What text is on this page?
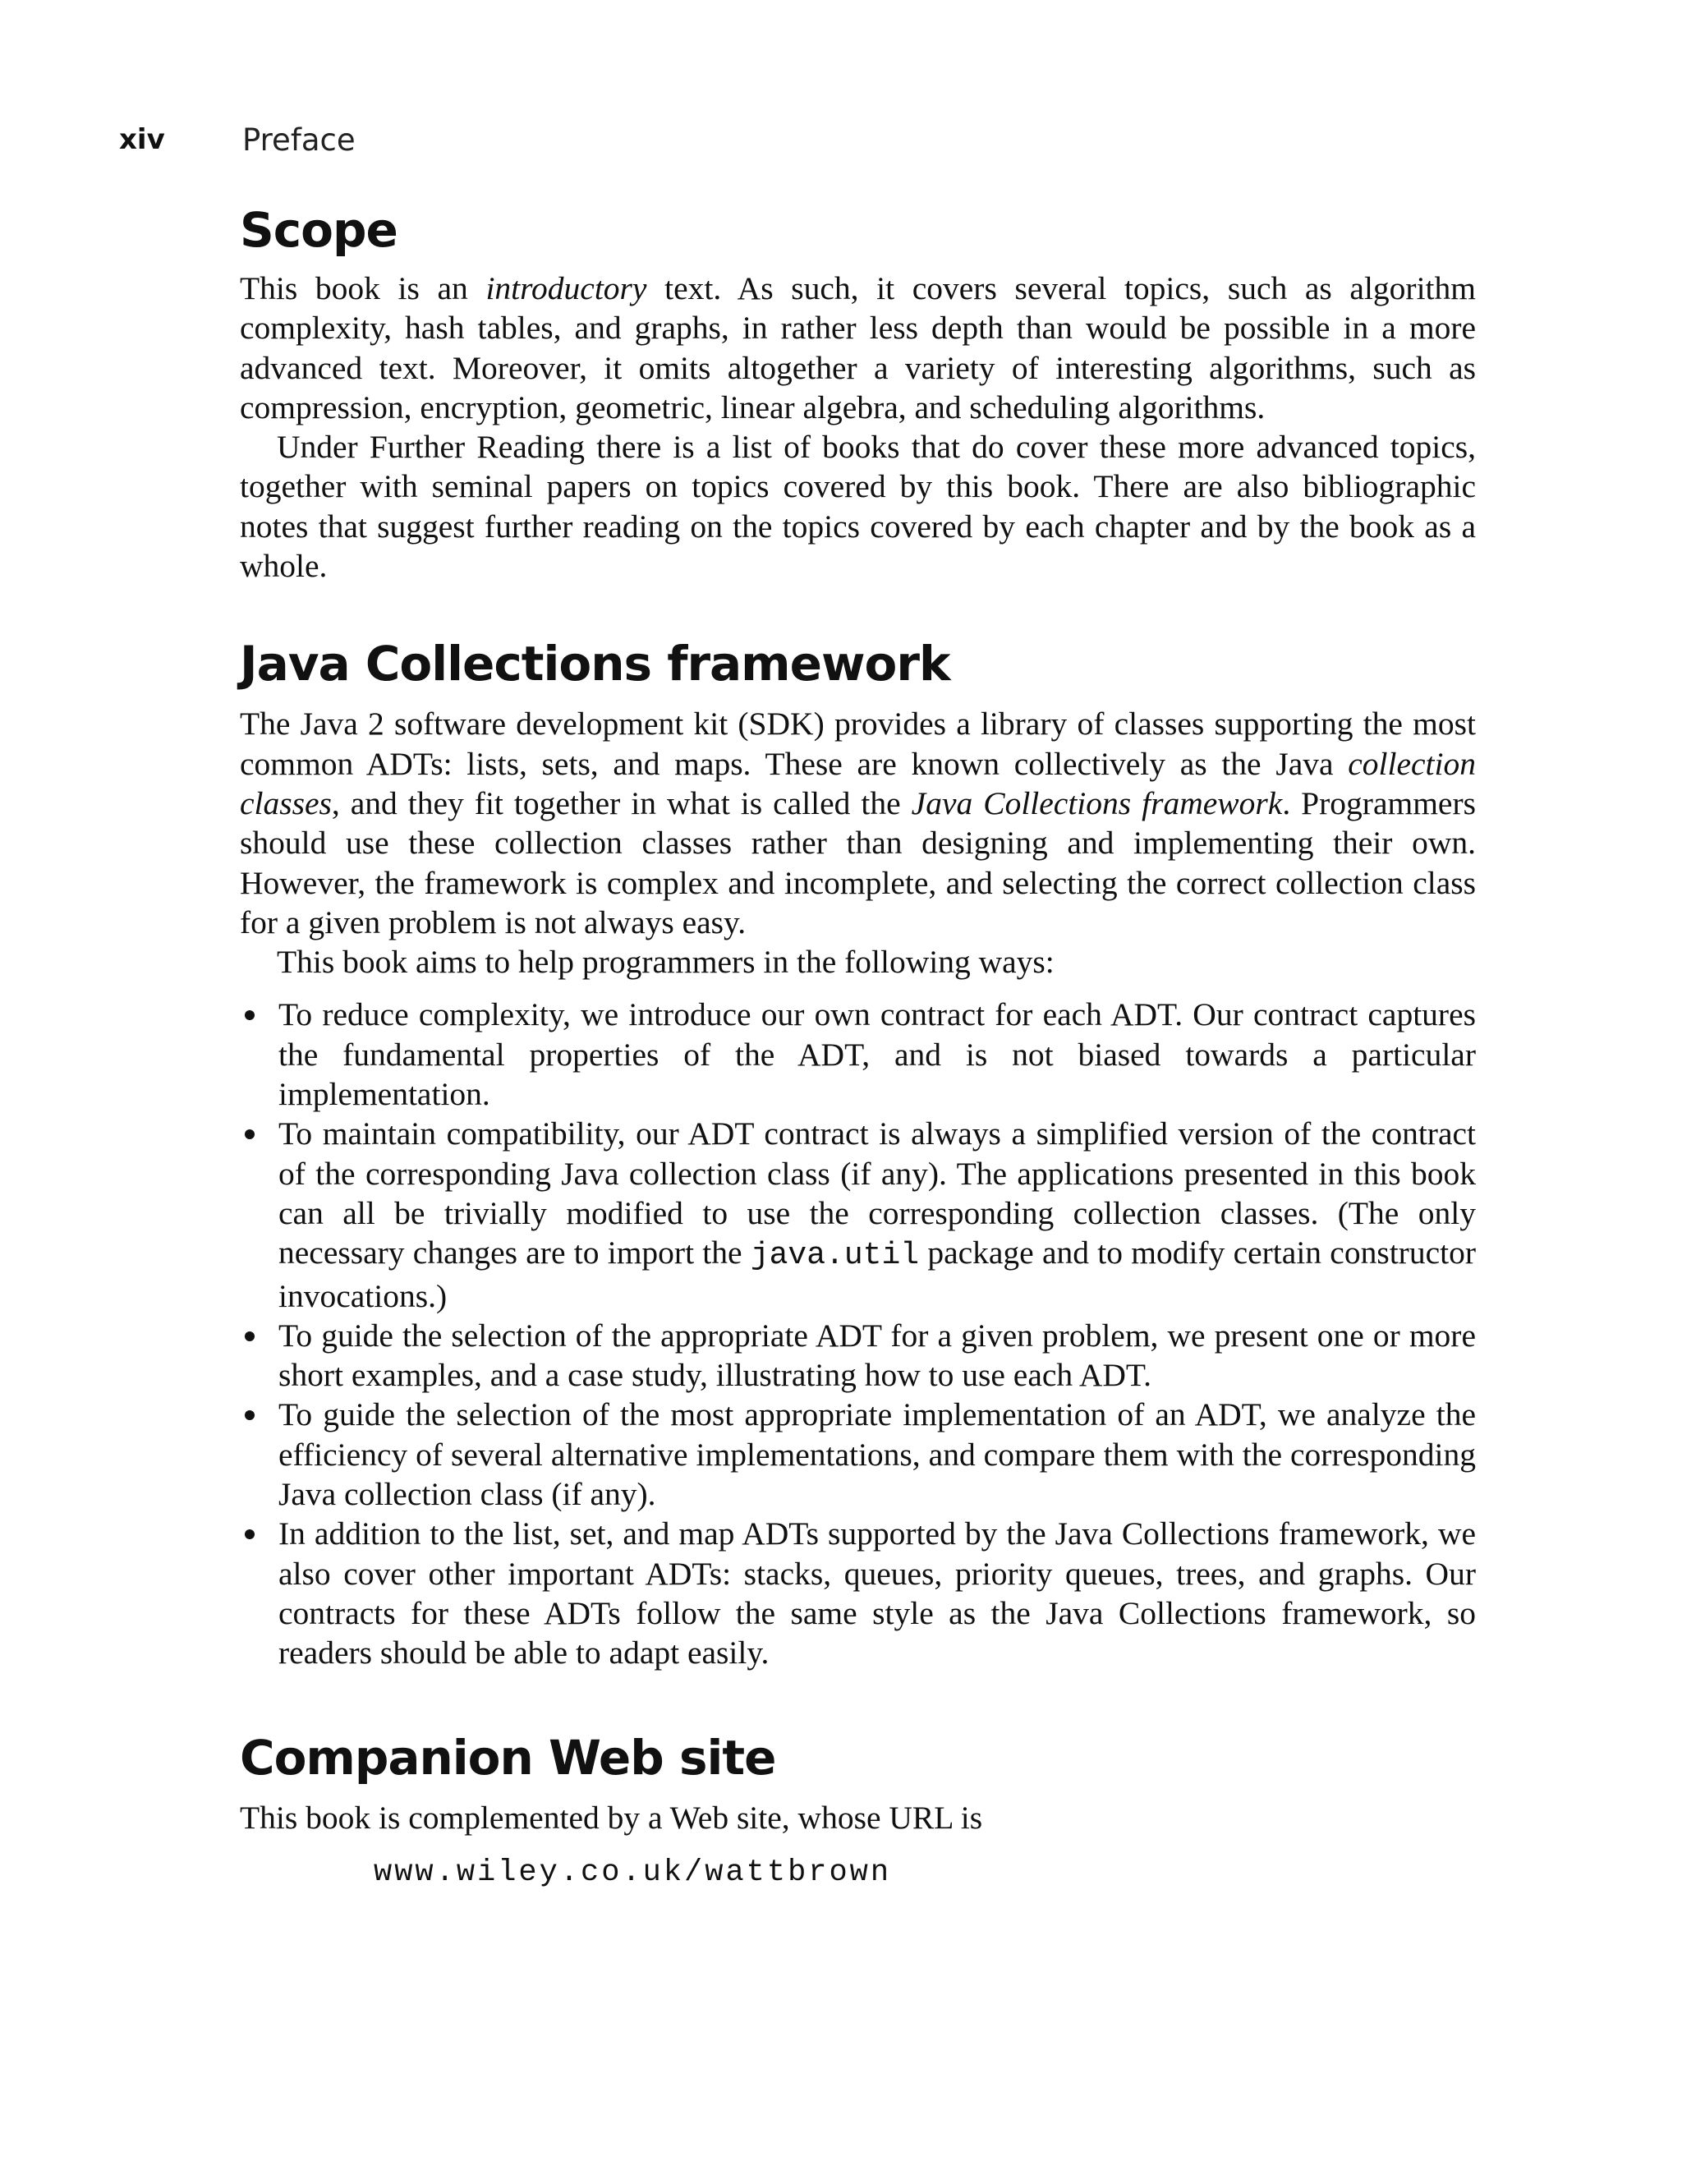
xiv	Preface
Scope

This book is an introductory text. As such, it covers several topics, such as algorithm complexity, hash tables, and graphs, in rather less depth than would be possible in a more advanced text. Moreover, it omits altogether a variety of interesting algorithms, such as compression, encryption, geometric, linear algebra, and scheduling algorithms.

Under Further Reading there is a list of books that do cover these more advanced topics, together with seminal papers on topics covered by this book. There are also bibliographic notes that suggest further reading on the topics covered by each chapter and by the book as a whole.

Java Collections framework

The Java 2 software development kit (SDK) provides a library of classes supporting the most common ADTs: lists, sets, and maps. These are known collectively as the Java collection classes, and they fit together in what is called the Java Collections framework. Programmers should use these collection classes rather than designing and implementing their own. However, the framework is complex and incomplete, and selecting the correct collection class for a given problem is not always easy.

This book aims to help programmers in the following ways:

To reduce complexity, we introduce our own contract for each ADT. Our contract captures the fundamental properties of the ADT, and is not biased towards a particular implementation.
To maintain compatibility, our ADT contract is always a simplified version of the contract of the corresponding Java collection class (if any). The applications presented in this book can all be trivially modified to use the corresponding collection classes. (The only necessary changes are to import the java.util package and to modify certain constructor invocations.)
To guide the selection of the appropriate ADT for a given problem, we present one or more short examples, and a case study, illustrating how to use each ADT.
To guide the selection of the most appropriate implementation of an ADT, we analyze the efficiency of several alternative implementations, and compare them with the corresponding Java collection class (if any).
In addition to the list, set, and map ADTs supported by the Java Collections framework, we also cover other important ADTs: stacks, queues, priority queues, trees, and graphs. Our contracts for these ADTs follow the same style as the Java Collections framework, so readers should be able to adapt easily.
Companion Web site

This book is complemented by a Web site, whose URL is

www.wiley.co.uk/wattbrown
